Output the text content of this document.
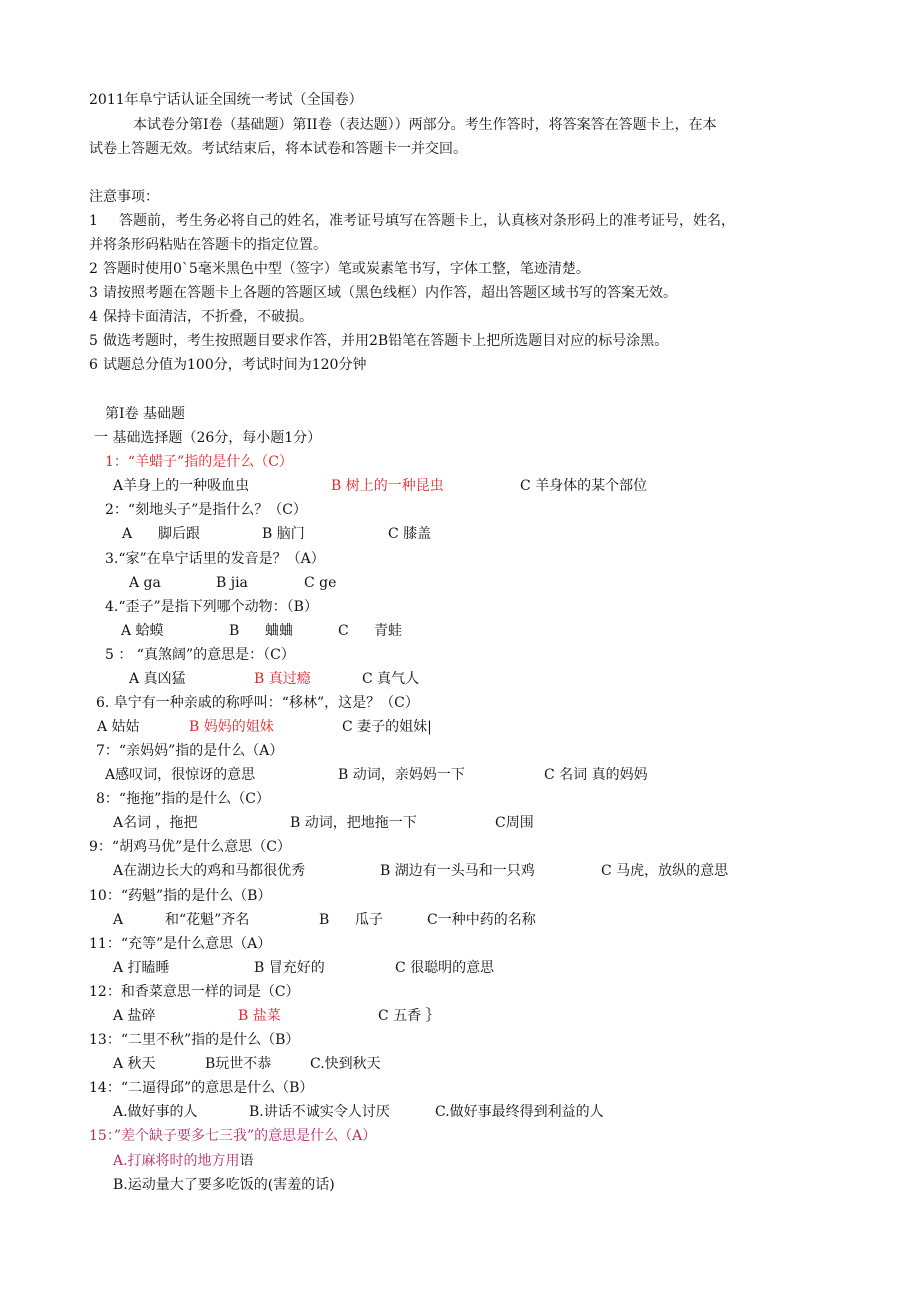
2011年阜宁话认证全国统一考试（全国卷）
本试卷分第I卷（基础题）第II卷（表达题））两部分。考生作答时，将答案答在答题卡上，在本
试卷上答题无效。考试结束后，将本试卷和答题卡一并交回。
注意事项：
1 答题前，考生务必将自己的姓名，准考证号填写在答题卡上，认真核对条形码上的准考证号，姓名，
并将条形码粘贴在答题卡的指定位置。
2 答题时使用0`5毫米黑色中型（签字）笔或炭素笔书写，字体工整，笔迹清楚。
3 请按照考题在答题卡上各题的答题区域（黑色线框）内作答，超出答题区域书写的答案无效。
4 保持卡面清洁，不折叠，不破损。
5 做选考题时，考生按照题目要求作答，并用2B铅笔在答题卡上把所选题目对应的标号涂黑。
6 试题总分值为100分，考试时间为120分钟
第I卷 基础题
一 基础选择题（26分，每小题1分）
1：“羊蜡子”指的是什么（C）
A羊身上的一种吸血虫	B 树上的一种昆虫	C 羊身体的某个部位
2：“刻地头子”是指什么？（C）
A 脚后跟	B 脑门	C 膝盖
3.“家”在阜宁话里的发音是？（A）
A ga	B jia	C ge
4.“歪子”是指下列哪个动物：（B）
A 蛤蟆	B 蛐蛐	C 青蛙
5 ： “真煞阔”的意思是：（C）
A 真凶猛	B 真过瘾	C 真气人
6. 阜宁有一种亲戚的称呼叫：“移林”，这是？（C）
A 姑姑	B 妈妈的姐妹	C 妻子的姐妹|
7：“亲妈妈”指的是什么（A）
A感叹词，很惊讶的意思	B 动词，亲妈妈一下	C 名词 真的妈妈
8：“拖拖”指的是什么（C）
A名词 ，拖把	B 动词，把地拖一下	C周围
9：“胡鸡马优”是什么意思（C）
A在湖边长大的鸡和马都很优秀	B 湖边有一头马和一只鸡	C 马虎，放纵的意思
10：“药魁”指的是什么（B）
A	和“花魁”齐名	B 瓜子	C一种中药的名称
11：“充等”是什么意思（A）
A 打瞌睡	B 冒充好的	C 很聪明的意思
12：和香菜意思一样的词是（C）
A 盐碎	B 盐菜	C 五香 ｝
13：“二里不秋”指的是什么（B）
A 秋天	B玩世不恭	C.快到秋天
14：“二逼得邱”的意思是什么（B）
A.做好事的人	B.讲话不诚实令人讨厌	C.做好事最终得到利益的人
15：”差个缺子要多七三我”的意思是什么（A）
A.打麻将时的地方用语
B.运动量大了要多吃饭的(害羞的话)
